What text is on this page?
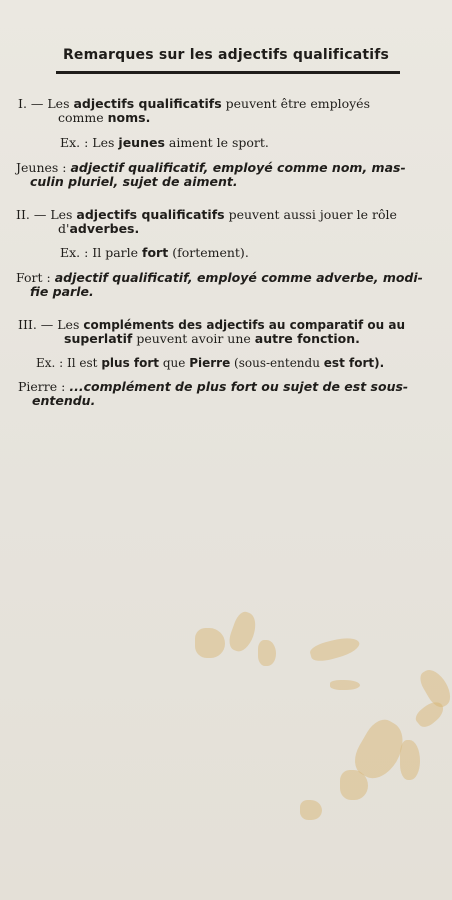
Remarques sur les adjectifs qualificatifs
I. — Les adjectifs qualificatifs peuvent être employés
comme noms.
Ex. : Les jeunes aiment le sport.
Jeunes : adjectif qualificatif, employé comme nom, mas-
culin pluriel, sujet de aiment.
II. — Les adjectifs qualificatifs peuvent aussi jouer le rôle
d'adverbes.
Ex. : Il parle fort (fortement).
Fort : adjectif qualificatif, employé comme adverbe, modi-
fie parle.
III. — Les compléments des adjectifs au comparatif ou au
superlatif peuvent avoir une autre fonction.
Ex. : Il est plus fort que Pierre (sous-entendu est fort).
Pierre : ...complément de plus fort ou sujet de est sous-
entendu.
